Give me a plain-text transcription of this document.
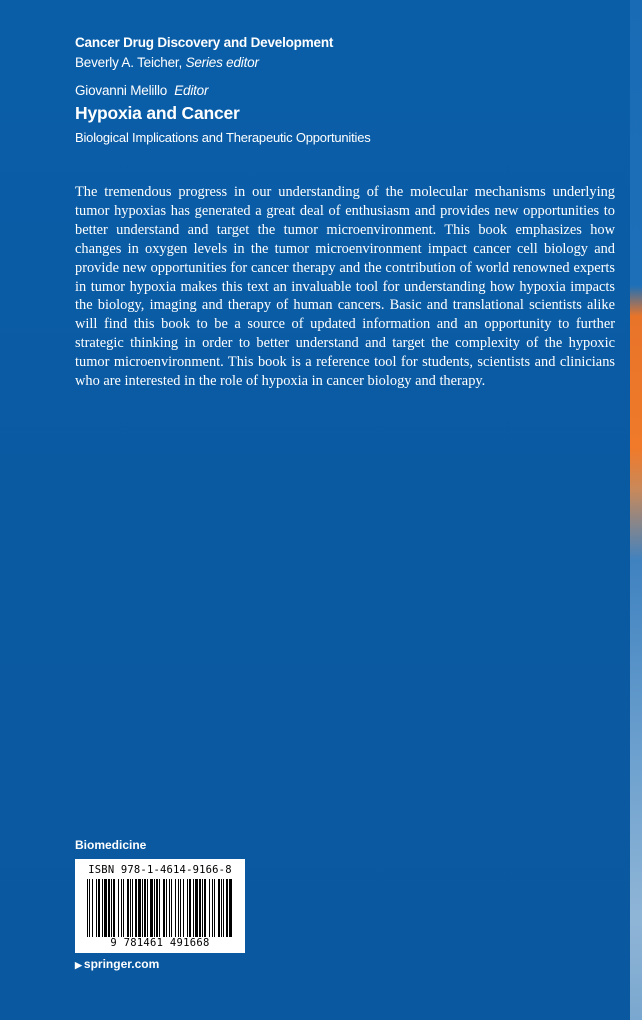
Cancer Drug Discovery and Development
Beverly A. Teicher, Series editor
Giovanni Melillo Editor
Hypoxia and Cancer
Biological Implications and Therapeutic Opportunities
The tremendous progress in our understanding of the molecular mechanisms underlying tumor hypoxias has generated a great deal of enthusiasm and provides new opportunities to better understand and target the tumor microenvironment. This book emphasizes how changes in oxygen levels in the tumor microenvironment impact cancer cell biology and provide new opportunities for cancer therapy and the contribution of world renowned experts in tumor hypoxia makes this text an invaluable tool for understanding how hypoxia impacts the biology, imaging and therapy of human cancers. Basic and translational scientists alike will find this book to be a source of updated information and an opportunity to further strategic thinking in order to better understand and target the complexity of the hypoxic tumor microenvironment. This book is a reference tool for students, scientists and clinicians who are interested in the role of hypoxia in cancer biology and therapy.
Biomedicine
ISBN 978-1-4614-9166-8
9 781461 491668
▶ springer.com
